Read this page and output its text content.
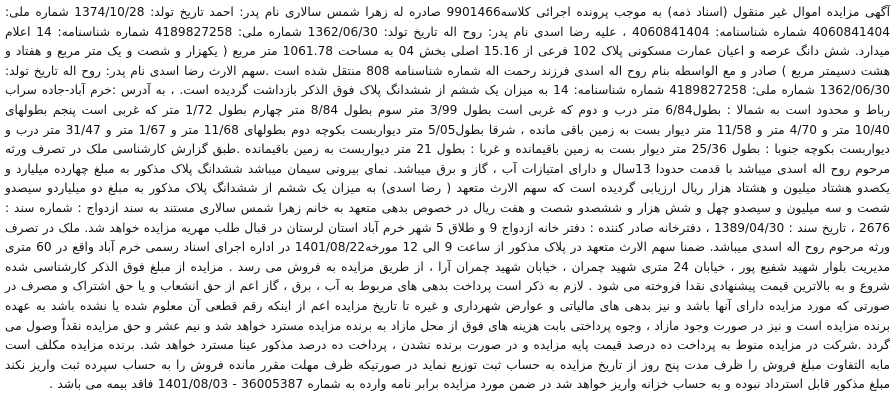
آگهی مزایده اموال غیر منقول (اسناد ذمه) به موجب پرونده اجرائی کلاسه9901466 صادره له زهرا شمس سالاری نام پدر: احمد تاریخ تولد: 1374/10/28 شماره ملی: 4060841404 شماره شناسنامه: 4060841404 ، علیه رضا اسدی نام پدر: روح اله تاریخ تولد: 1362/06/30 شماره ملی: 4189827258 شماره شناسنامه: 14 اعلام میدارد. شش دانگ عرصه و اعیان عمارت مسکونی پلاک 102 فرعی از 15.16 اصلی بخش 04 به مساحت 1061.78 متر مربع ( یکهزار و شصت و یک متر مربع و هفتاد و هشت دسیمتر مربع ) صادر و مع الواسطه بنام روح اله اسدی فرزند رحمت اله شماره شناسنامه 808 منتقل شده است .سهم الارث رضا اسدی نام پدر: روح اله تاریخ تولد: 1362/06/30 شماره ملی: 4189827258 شماره شناسنامه: 14 به میزان یک ششم از ششدانگ پلاک فوق الذکر بازداشت گردیده است. ، به آدرس :خرم آباد-جاده سراب رباط و محدود است به شمالا : بطول6/84 متر درب و دوم که غربی است بطول 3/99 متر سوم بطول 8/84 متر چهارم بطول 1/72 متر که غربی است پنجم بطولهای 10/40 متر و 4/70 متر و 11/58 متر دیوار بست به زمین باقی مانده ، شرقا بطول5/05 متر دیواربست بکوچه دوم بطولهای 11/68 متر و 1/67 متر و 31/47 متر درب و دیواربست بکوچه جنوبا : بطول 25/36 متر دیوار بست به زمین باقیمانده و غربا : بطول 21 متر دیواربست به زمین باقیمانده .طبق گزارش کارشناسی ملک در تصرف ورثه مرحوم روح اله اسدی میباشد با قدمت حدودا 13سال و دارای امتیازات آب ، گاز و برق میباشد. نمای بیرونی سیمان میباشد ششدانگ پلاک مذکور به مبلغ چهارده میلیارد و یکصدو هشتاد میلیون و هشتاد هزار ریال ارزیابی گردیده است که سهم الارث متعهد ( رضا اسدی) به میزان یک ششم از ششدانگ پلاک مذکور به مبلغ دو میلیاردو سیصدو شصت و سه میلیون و سیصدو چهل و شش هزار و ششصدو شصت و هفت ریال در خصوص بدهی متعهد به خانم زهرا شمس سالاری مستند به سند ازدواج : شماره سند : 2676 ، تاریخ سند : 1389/04/30 ، دفترخانه صادر کننده : دفتر خانه ازدواج 9 و طلاق 5 شهر خرم آباد استان لرستان در قبال طلب مهریه مزایده خواهد شد. ملک در تصرف ورثه مرحوم روح اله اسدی میباشد. ضمنا سهم الارث متعهد در پلاک مذکور از ساعت 9 الی 12 مورخه1401/08/22 در اداره اجرای اسناد رسمی خرم آباد واقع در 60 متری مدیریت بلوار شهید شفیع پور ، خیابان 24 متری شهید چمران ، خیابان شهید چمران آرا ، از طریق مزایده به فروش می رسد . مزایده از مبلغ فوق الذکر کارشناسی شده شروع و به بالاترین قیمت پیشنهادی نقدا فروخته می شود . لازم به ذکر است پرداخت بدهی های مربوط به آب ، برق ، گاز اعم از حق انشعاب و یا حق اشتراک و مصرف در صورتی که مورد مزایده دارای آنها باشد و نیز بدهی های مالیاتی و عوارض شهرداری و غیره تا تاریخ مزایده اعم از اینکه رقم قطعی آن معلوم شده یا نشده باشد به عهده برنده مزایده است و نیز در صورت وجود مازاد ، وجوه پرداختی بابت هزینه های فوق از محل مازاد به برنده مزایده مسترد خواهد شد و نیم عشر و حق مزایده نقداً وصول می گردد .شرکت در مزایده منوط به پرداخت ده درصد قیمت پایه مزایده و در صورت برنده نشدن ، پرداخت ده درصد مذکور عینا مسترد خواهد شد. برنده مزایده مکلف است مابه التفاوت مبلغ فروش را ظرف مدت پنج روز از تاریخ مزایده به حساب ثبت توزیع نماید در صورتیکه ظرف مهلت مقرر مانده فروش را به حساب سپرده ثبت واریز نکند مبلغ مذکور قابل استرداد نبوده و به حساب خزانه واریز خواهد شد در ضمن مورد مزایده برابر نامه وارده به شماره 36005387 - 1401/08/03 فاقد بیمه می باشد .
